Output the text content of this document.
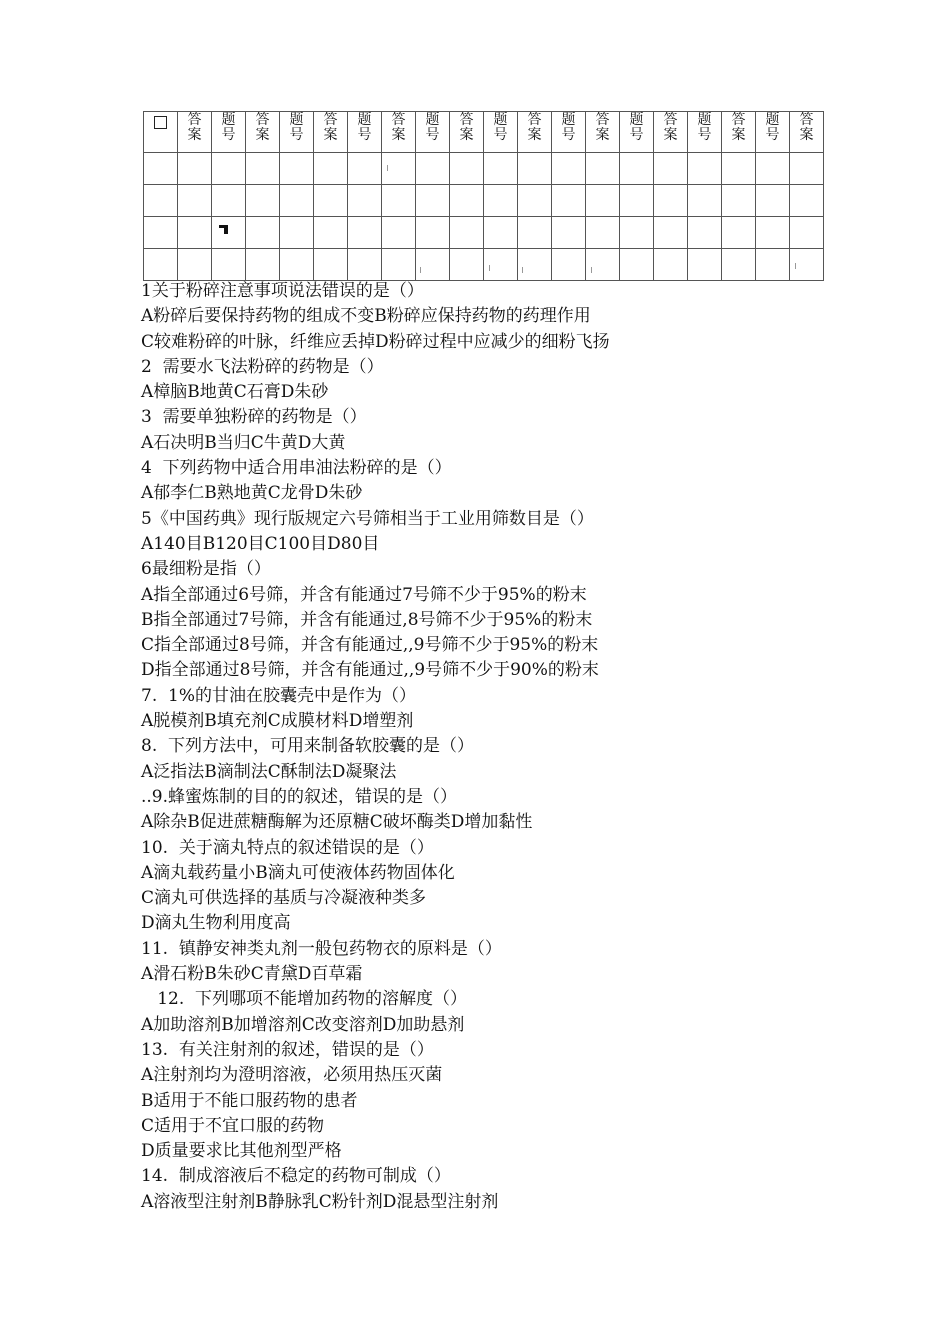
	答案	题号	答案	题号	答案	题号	答案	题号	答案	题号	答案	题号	答案	题号	答案	题号	答案	题号	答案

1关于粉碎注意事项说法错误的是（）
A粉碎后要保持药物的组成不变B粉碎应保持药物的药理作用
C较难粉碎的叶脉，纤维应丢掉D粉碎过程中应减少的细粉飞扬
2  需要水飞法粉碎的药物是（）
A樟脑B地黄C石膏D朱砂
3  需要单独粉碎的药物是（）
A石决明B当归C牛黄D大黄
4  下列药物中适合用串油法粉碎的是（）
A郁李仁B熟地黄C龙骨D朱砂
5《中国药典》现行版规定六号筛相当于工业用筛数目是（）
A140目B120目C100目D80目
6最细粉是指（）
A指全部通过6号筛，并含有能通过7号筛不少于95%的粉末
B指全部通过7号筛，并含有能通过,8号筛不少于95%的粉末
C指全部通过8号筛，并含有能通过,,9号筛不少于95%的粉末
D指全部通过8号筛，并含有能通过,,9号筛不少于90%的粉末
7.  1%的甘油在胶囊壳中是作为（）
A脱模剂B填充剂C成膜材料D增塑剂
8.  下列方法中，可用来制备软胶囊的是（）
A泛指法B滴制法C酥制法D凝聚法
..9.蜂蜜炼制的目的的叙述，错误的是（）
A除杂B促进蔗糖酶解为还原糖C破坏酶类D增加黏性
10.  关于滴丸特点的叙述错误的是（）
A滴丸载药量小B滴丸可使液体药物固体化
C滴丸可供选择的基质与冷凝液种类多
D滴丸生物利用度高
11.  镇静安神类丸剂一般包药物衣的原料是（）
A滑石粉B朱砂C青黛D百草霜
12.  下列哪项不能增加药物的溶解度（）
A加助溶剂B加增溶剂C改变溶剂D加助悬剂
13.  有关注射剂的叙述，错误的是（）
A注射剂均为澄明溶液，必须用热压灭菌
B适用于不能口服药物的患者
C适用于不宜口服的药物
D质量要求比其他剂型严格
14.  制成溶液后不稳定的药物可制成（）
A溶液型注射剂B静脉乳C粉针剂D混悬型注射剂
